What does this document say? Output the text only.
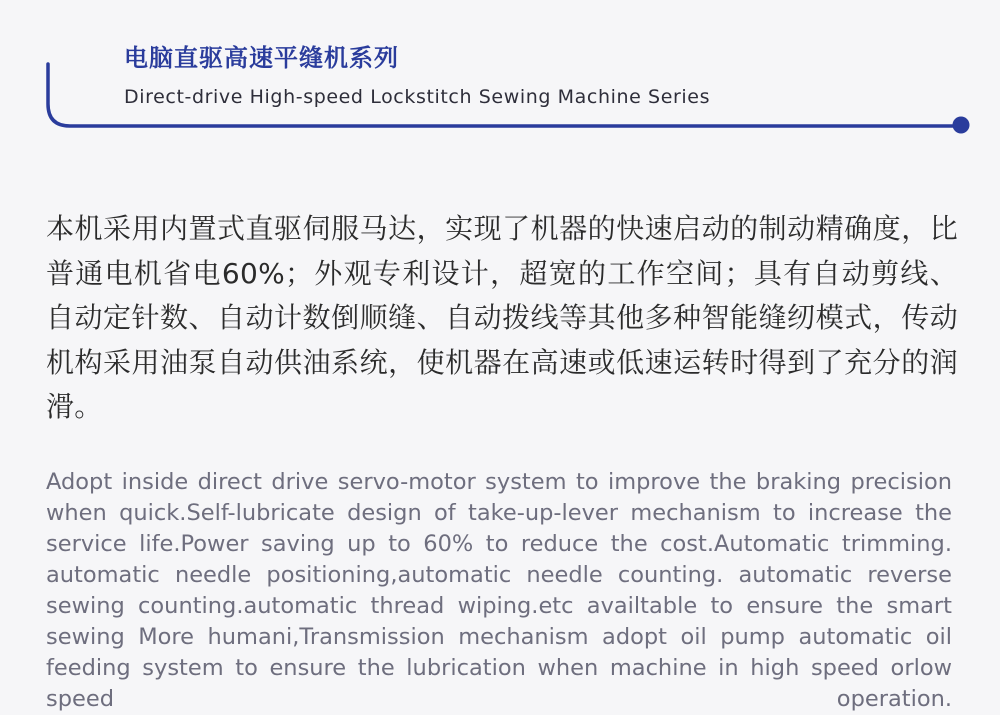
电脑直驱高速平缝机系列
Direct-drive High-speed Lockstitch Sewing Machine Series
本机采用内置式直驱伺服马达，实现了机器的快速启动的制动精确度，比普通电机省电60%；外观专利设计，超宽的工作空间；具有自动剪线、自动定针数、自动计数倒顺缝、自动拨线等其他多种智能缝纫模式，传动机构采用油泵自动供油系统，使机器在高速或低速运转时得到了充分的润滑。
Adopt inside direct drive servo-motor system to improve the braking precision when quick.Self-lubricate design of take-up-lever mechanism to increase the service life.Power saving up to 60% to reduce the cost.Automatic trimming. automatic needle positioning,automatic needle counting. automatic reverse sewing counting.automatic thread wiping.etc availtable to ensure the smart sewing More humani,Transmission mechanism adopt oil pump automatic oil feeding system to ensure the lubrication when machine in high speed orlow speed operation.
